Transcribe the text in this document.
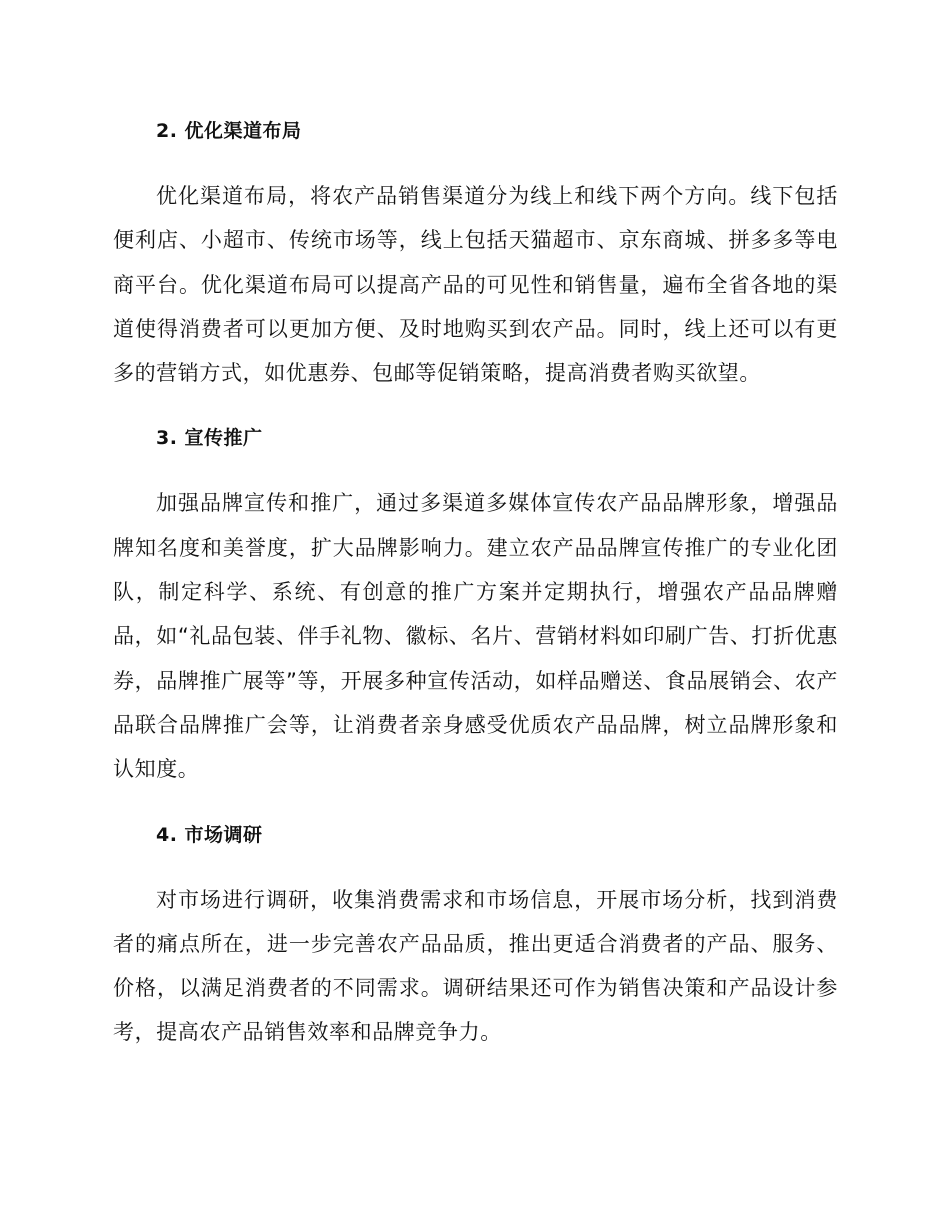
2. 优化渠道布局

优化渠道布局，将农产品销售渠道分为线上和线下两个方向。线下包括便利店、小超市、传统市场等，线上包括天猫超市、京东商城、拼多多等电商平台。优化渠道布局可以提高产品的可见性和销售量，遍布全省各地的渠道使得消费者可以更加方便、及时地购买到农产品。同时，线上还可以有更多的营销方式，如优惠券、包邮等促销策略，提高消费者购买欲望。

3. 宣传推广

加强品牌宣传和推广，通过多渠道多媒体宣传农产品品牌形象，增强品牌知名度和美誉度，扩大品牌影响力。建立农产品品牌宣传推广的专业化团队，制定科学、系统、有创意的推广方案并定期执行，增强农产品品牌赠品，如“礼品包装、伴手礼物、徽标、名片、营销材料如印刷广告、打折优惠券，品牌推广展等”等，开展多种宣传活动，如样品赠送、食品展销会、农产品联合品牌推广会等，让消费者亲身感受优质农产品品牌，树立品牌形象和认知度。

4. 市场调研

对市场进行调研，收集消费需求和市场信息，开展市场分析，找到消费者的痛点所在，进一步完善农产品品质，推出更适合消费者的产品、服务、价格，以满足消费者的不同需求。调研结果还可作为销售决策和产品设计参考，提高农产品销售效率和品牌竞争力。
